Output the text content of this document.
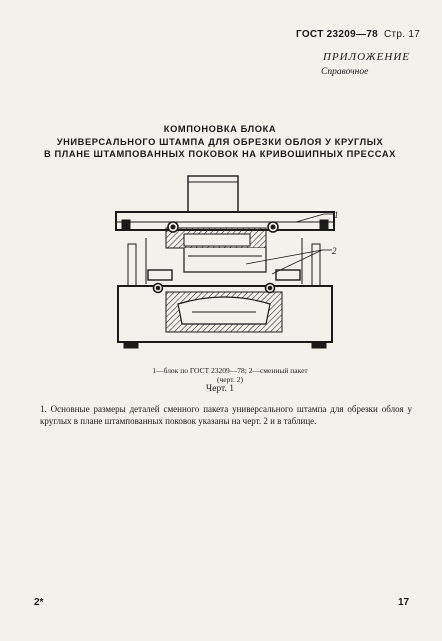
ГОСТ 23209—78 Стр. 17
ПРИЛОЖЕНИЕ
Справочное
КОМПОНОВКА БЛОКА
УНИВЕРСАЛЬНОГО ШТАМПА ДЛЯ ОБРЕЗКИ ОБЛОЯ У КРУГЛЫХ
В ПЛАНЕ ШТАМПОВАННЫХ ПОКОВОК НА КРИВОШИПНЫХ ПРЕССАХ
1
2
1—блок по ГОСТ 23209—78; 2—сменный пакет
(черт. 2)
Черт. 1
1. Основные размеры деталей сменного пакета универсального штампа для обрезки облоя у круглых в плане штампованных поковок указаны на черт. 2 и в таблице.
2*	17
